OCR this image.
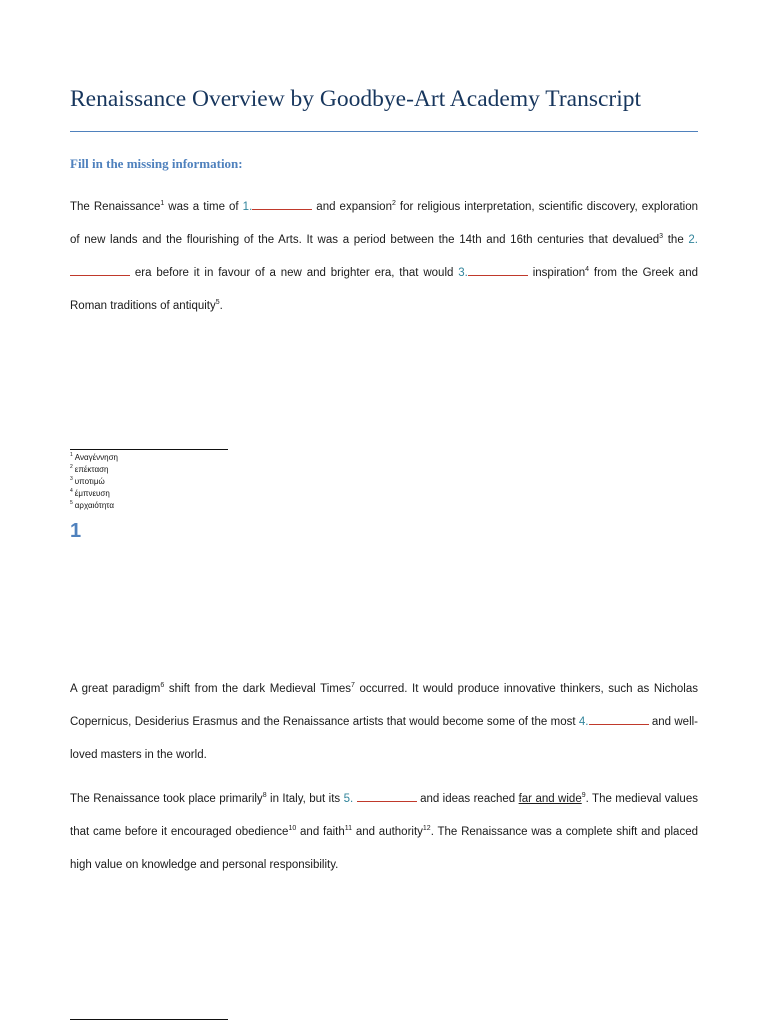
Renaissance Overview by Goodbye-Art Academy Transcript
Fill in the missing information:

The Renaissance$^1$ was a time of 1.	and expansion$^2$ for religious interpretation, scientific discovery, exploration of new lands and the flourishing of the Arts. It was a period between the 14th and 16th centuries that devalued$^3$ the 2. era before it in favour of a new and brighter era, that would 3.	inspiration$^4$ from the Greek and Roman traditions of antiquity$^5$.

$^1$ Αναγέννηση
$^2$ επέκταση
$^3$ υποτιμώ
$^4$ έμπνευση
$^5$ αρχαιότητα
1

A great paradigm$^6$ shift from the dark Medieval Times$^7$ occurred. It would produce innovative thinkers, such as Nicholas Copernicus, Desiderius Erasmus and the Renaissance artists that would become some of the most 4.	and well-loved masters in the world.

The Renaissance took place primarily$^8$ in Italy, but its 5.	and ideas reached far and wide$^9$. The medieval values that came before it encouraged obedience$^{10}$ and faith$^{11}$ and authority$^{12}$. The Renaissance was a complete shift and placed high value on knowledge and personal responsibility.
